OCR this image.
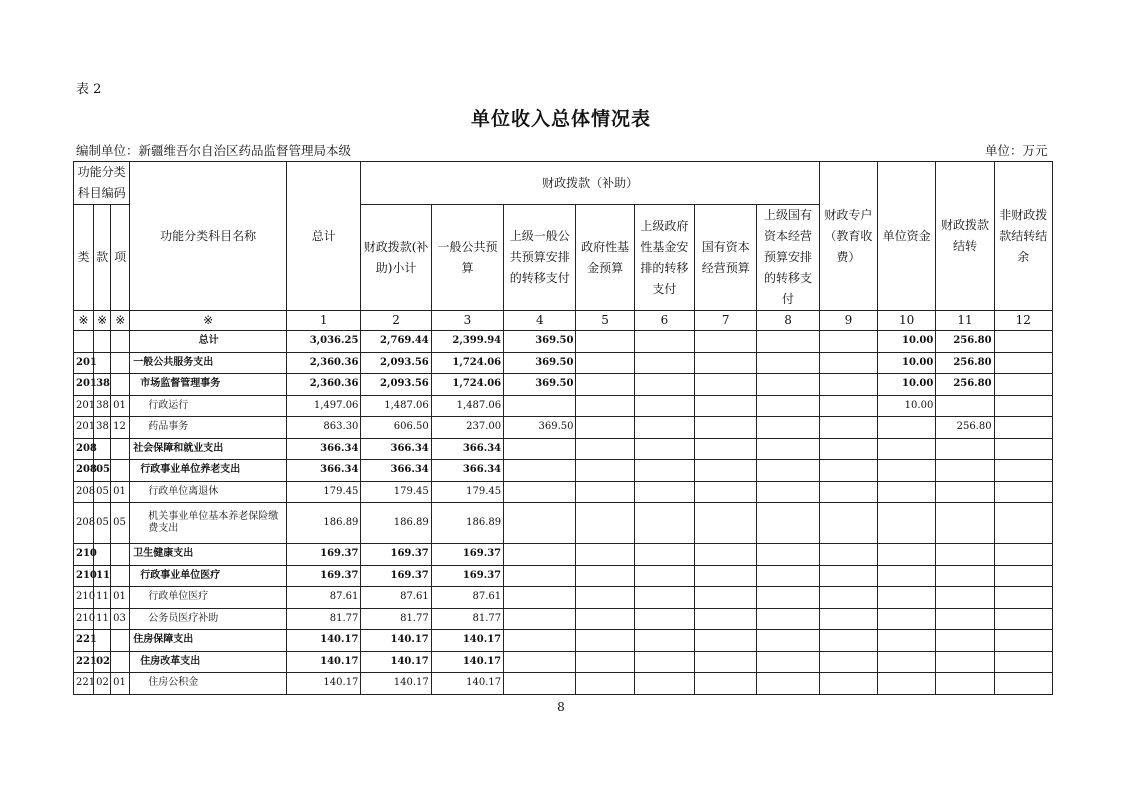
表 2
单位收入总体情况表
编制单位：新疆维吾尔自治区药品监督管理局本级	单位：万元
功能分类科目编码			功能分类科目名称	总计	财政拨款（补助）							财政专户（教育收费）	单位资金	财政拨款结转	非财政拨款结转结余
类	款	项			财政拨款(补助)小计	一般公共预算	上级一般公共预算安排的转移支付	政府性基金预算	上级政府性基金安排的转移支付	国有资本经营预算	上级国有资本经营预算安排的转移支付				

※	※	※	※	1	2	3	4	5	6	7	8	9	10	11	12
			总计	3,036.25	2,769.44	2,399.94	369.50						10.00	256.80	
201			一般公共服务支出	2,360.36	2,093.56	1,724.06	369.50						10.00	256.80	
201	38		市场监督管理事务	2,360.36	2,093.56	1,724.06	369.50						10.00	256.80	
201	38	01	行政运行	1,497.06	1,487.06	1,487.06							10.00		
201	38	12	药品事务	863.30	606.50	237.00	369.50							256.80	
208			社会保障和就业支出	366.34	366.34	366.34									
208	05		行政事业单位养老支出	366.34	366.34	366.34									
208	05	01	行政单位离退休	179.45	179.45	179.45									
208	05	05	机关事业单位基本养老保险缴费支出	186.89	186.89	186.89									
210			卫生健康支出	169.37	169.37	169.37									
210	11		行政事业单位医疗	169.37	169.37	169.37									
210	11	01	行政单位医疗	87.61	87.61	87.61									
210	11	03	公务员医疗补助	81.77	81.77	81.77									
221			住房保障支出	140.17	140.17	140.17									
221	02		住房改革支出	140.17	140.17	140.17									
221	02	01	住房公积金	140.17	140.17	140.17									
8
